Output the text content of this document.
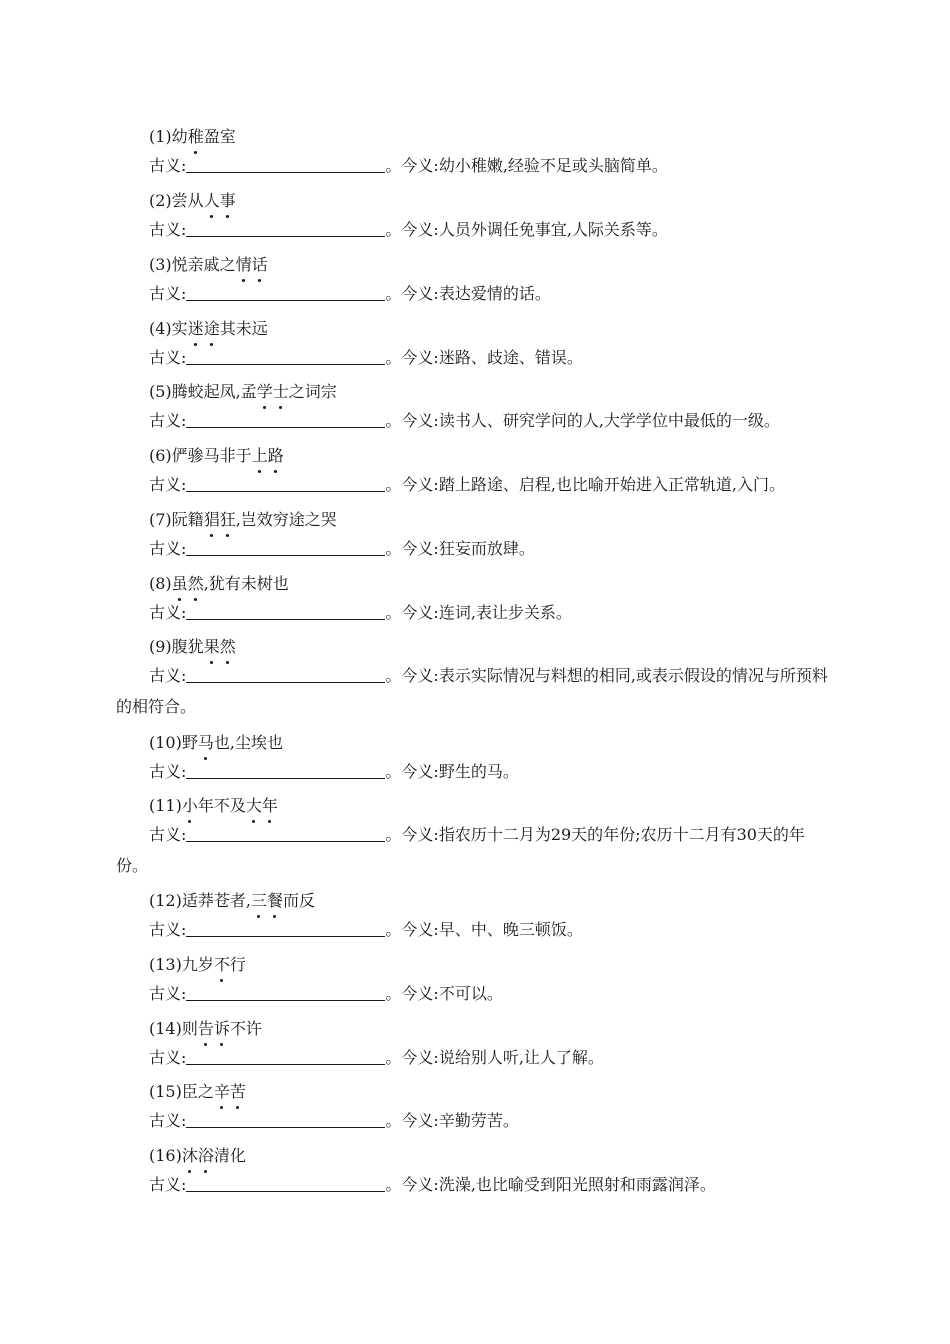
(1)幼稚盈室
古义:	。今义:幼小稚嫩,经验不足或头脑简单。
(2)尝从人事
古义:	。今义:人员外调任免事宜,人际关系等。
(3)悦亲戚之情话
古义:	。今义:表达爱情的话。
(4)实迷途其未远
古义:	。今义:迷路、歧途、错误。
(5)腾蛟起凤,孟学士之词宗
古义:	。今义:读书人、研究学问的人,大学学位中最低的一级。
(6)俨骖马非于上路
古义:	。今义:踏上路途、启程,也比喻开始进入正常轨道,入门。
(7)阮籍猖狂,岂效穷途之哭
古义:	。今义:狂妄而放肆。
(8)虽然,犹有未树也
古义:	。今义:连词,表让步关系。
(9)腹犹果然
古义:	。今义:表示实际情况与料想的相同,或表示假设的情况与所预料的相符合。
(10)野马也,尘埃也
古义:	。今义:野生的马。
(11)小年不及大年
古义:	。今义:指农历十二月为29天的年份;农历十二月有30天的年份。
(12)适莽苍者,三餐而反
古义:	。今义:早、中、晚三顿饭。
(13)九岁不行
古义:	。今义:不可以。
(14)则告诉不许
古义:	。今义:说给别人听,让人了解。
(15)臣之辛苦
古义:	。今义:辛勤劳苦。
(16)沐浴清化
古义:	。今义:洗澡,也比喻受到阳光照射和雨露润泽。
